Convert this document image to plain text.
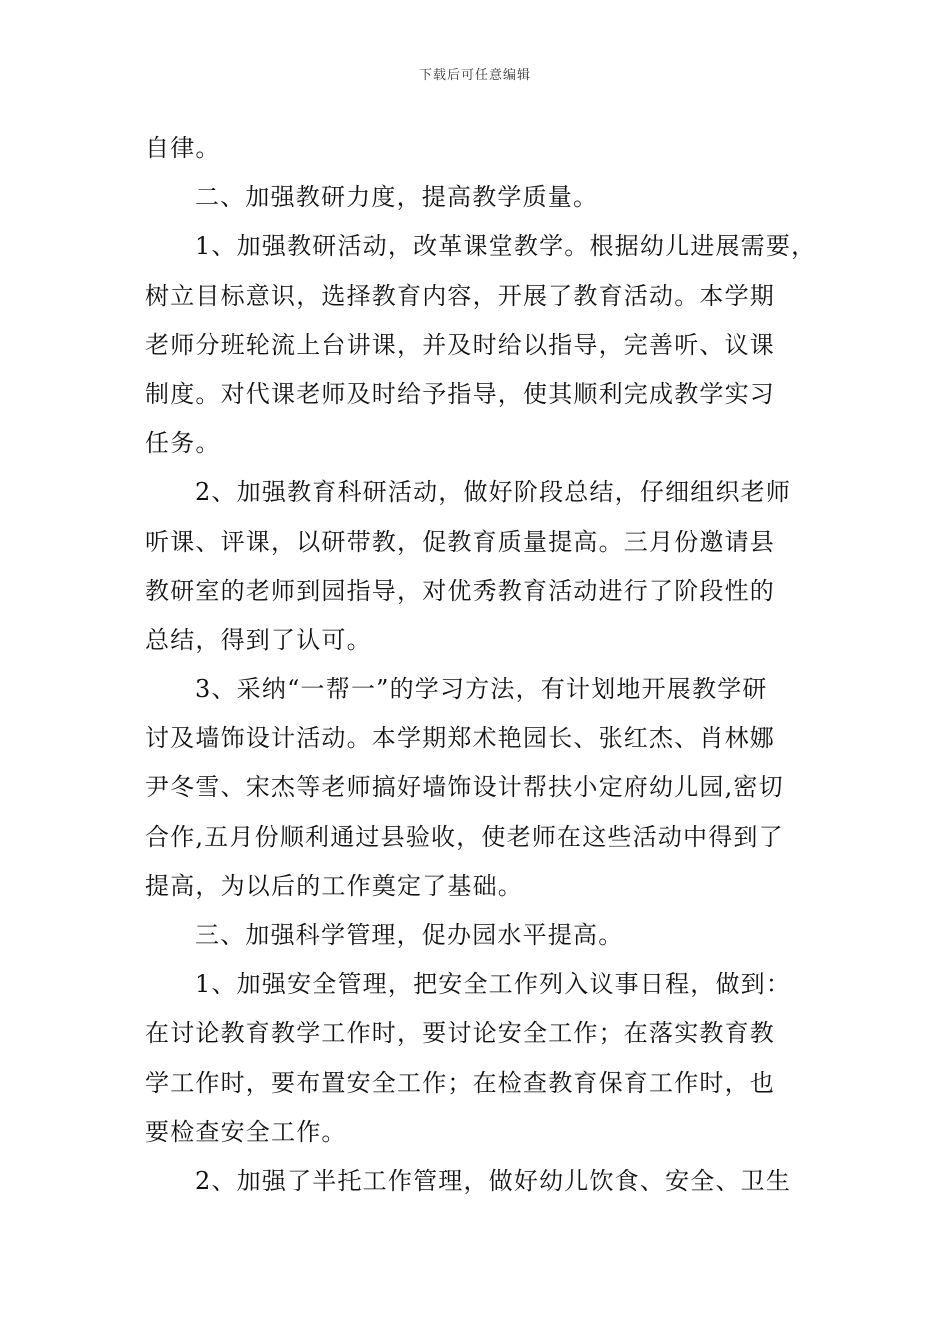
下载后可任意编辑
自律。
二、加强教研力度，提高教学质量。
1、加强教研活动，改革课堂教学。根据幼儿进展需要，
树立目标意识，选择教育内容，开展了教育活动。本学期
老师分班轮流上台讲课，并及时给以指导，完善听、议课
制度。对代课老师及时给予指导，使其顺利完成教学实习
任务。
2、加强教育科研活动，做好阶段总结，仔细组织老师
听课、评课，以研带教，促教育质量提高。三月份邀请县
教研室的老师到园指导，对优秀教育活动进行了阶段性的
总结，得到了认可。
3、采纳“一帮一”的学习方法，有计划地开展教学研
讨及墙饰设计活动。本学期郑术艳园长、张红杰、肖林娜
尹冬雪、宋杰等老师搞好墙饰设计帮扶小定府幼儿园,密切
合作,五月份顺利通过县验收，使老师在这些活动中得到了
提高，为以后的工作奠定了基础。
三、加强科学管理，促办园水平提高。
1、加强安全管理，把安全工作列入议事日程，做到：
在讨论教育教学工作时，要讨论安全工作；在落实教育教
学工作时，要布置安全工作；在检查教育保育工作时，也
要检查安全工作。
2、加强了半托工作管理，做好幼儿饮食、安全、卫生
